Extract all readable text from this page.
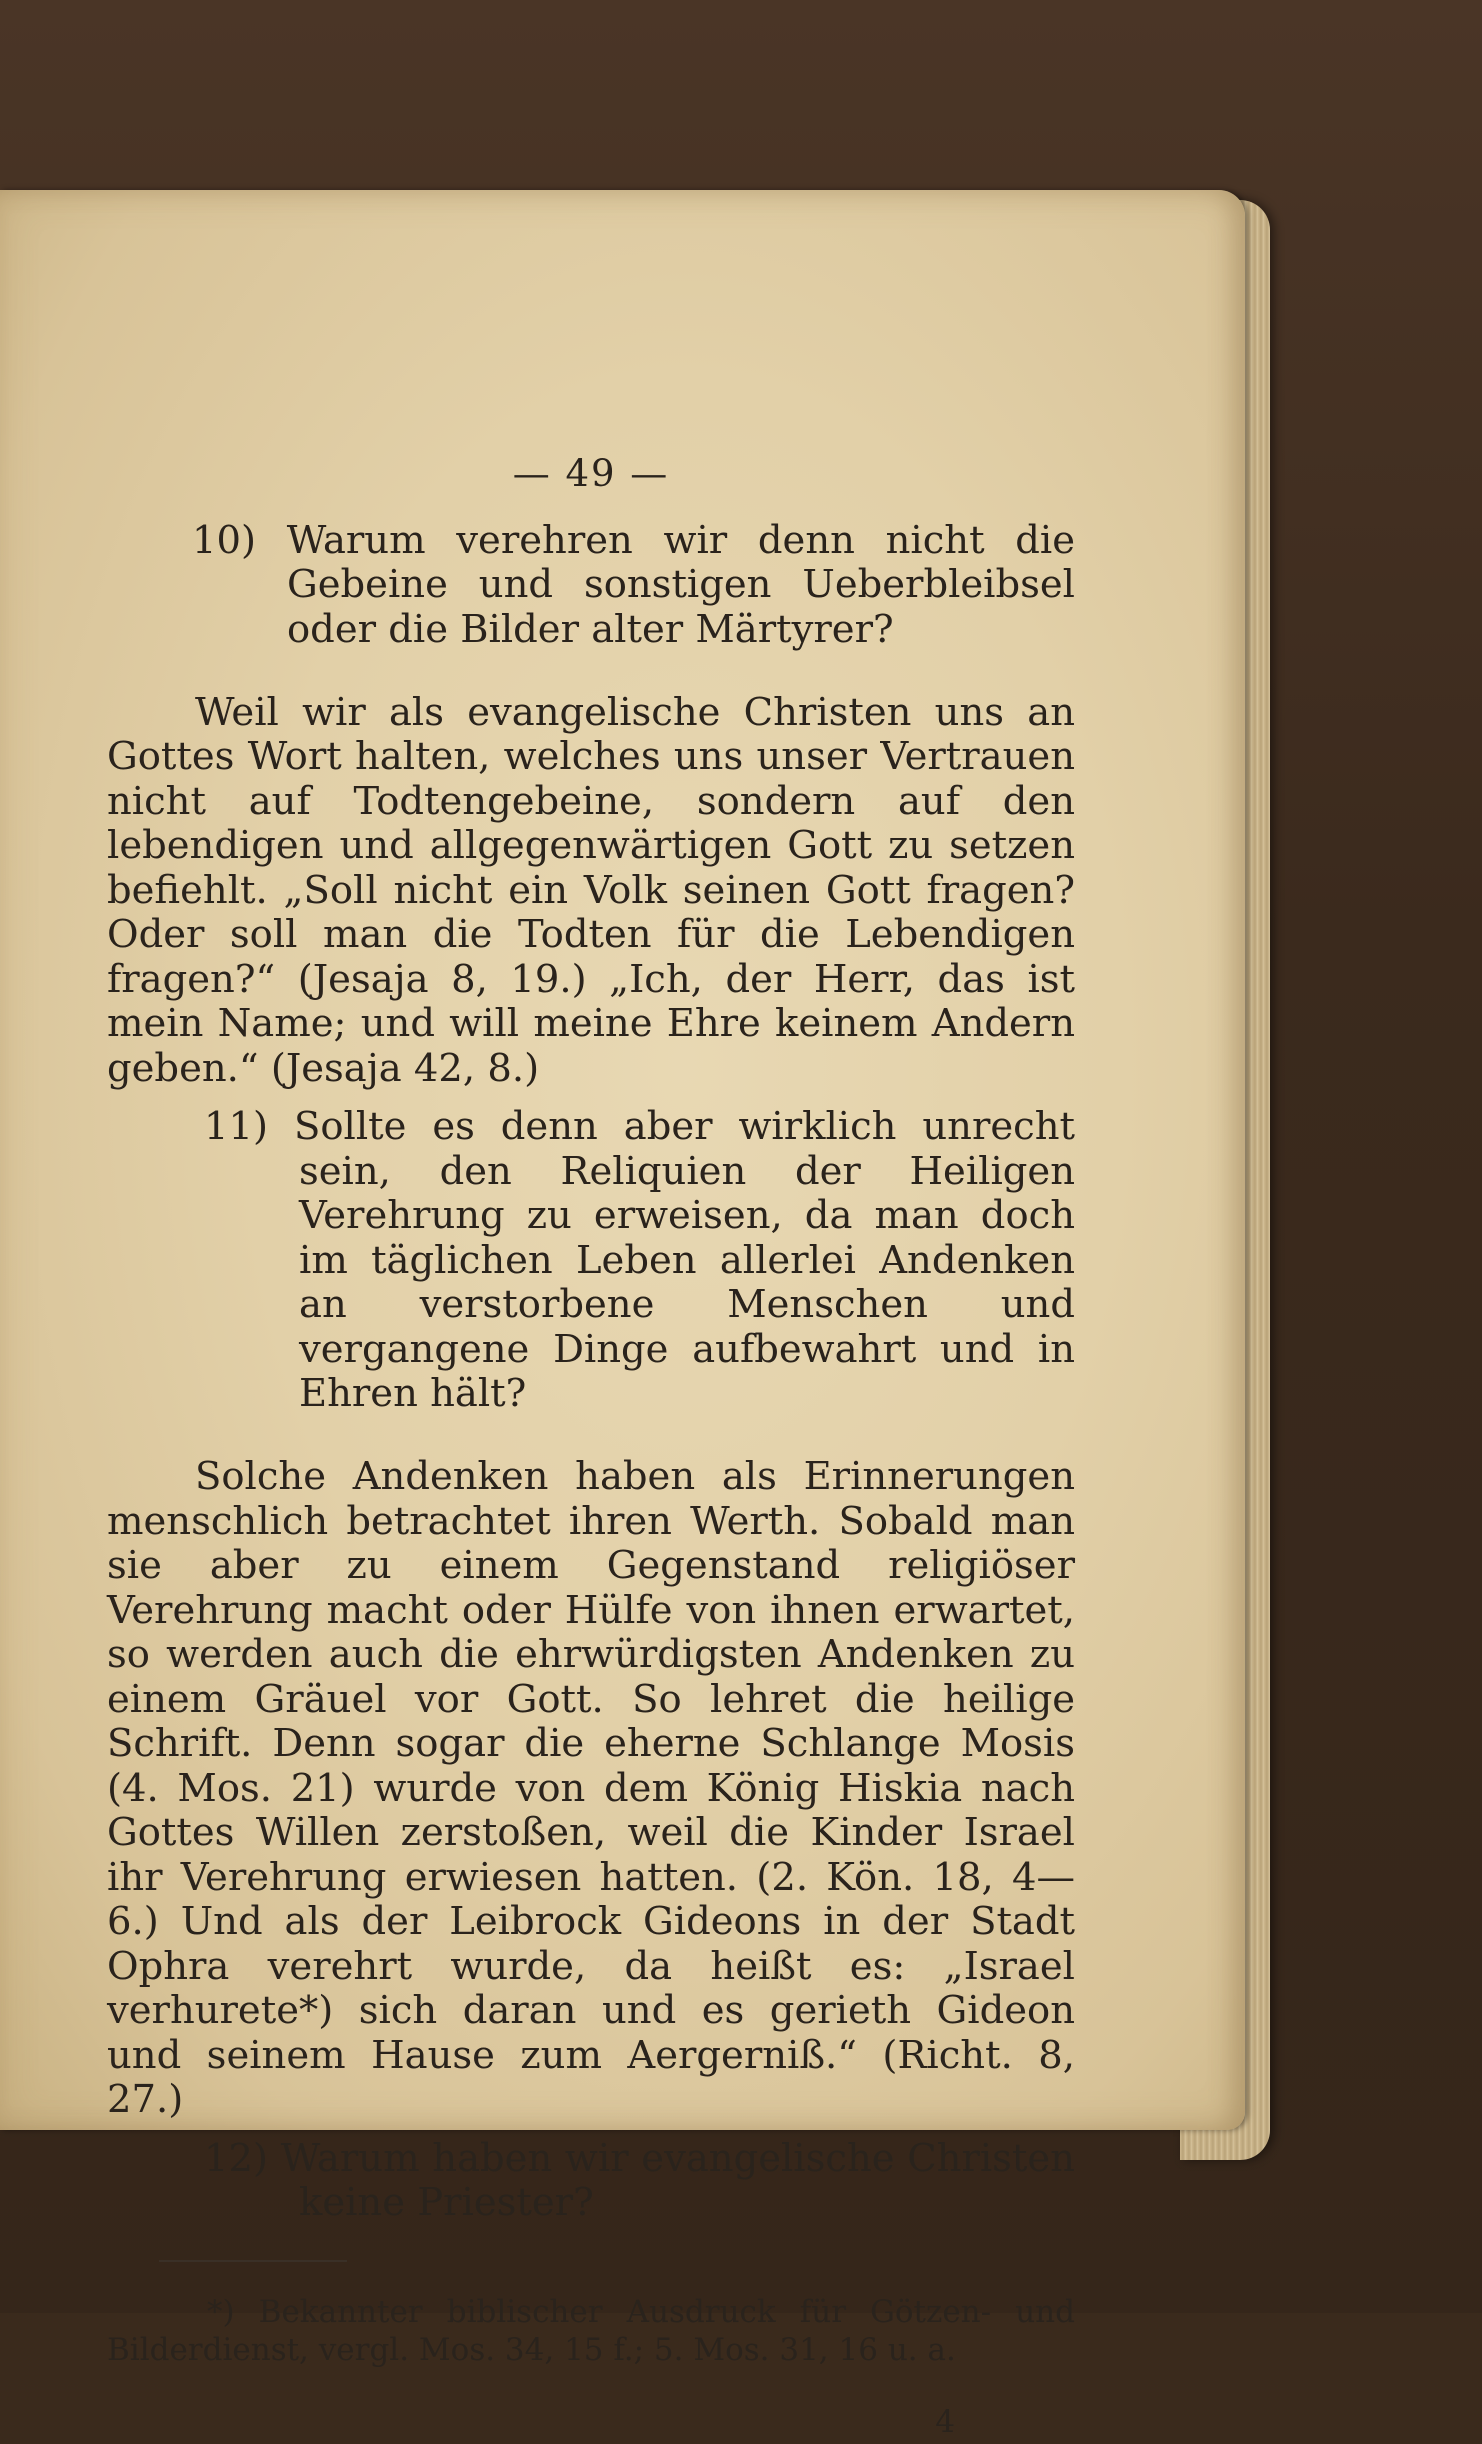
— 49 —

10) Warum verehren wir denn nicht die Gebeine und sonstigen Ueberbleibsel oder die Bilder alter Märtyrer?

Weil wir als evangelische Christen uns an Gottes Wort halten, welches uns unser Vertrauen nicht auf Todtengebeine, sondern auf den lebendigen und allgegenwärtigen Gott zu setzen befiehlt. „Soll nicht ein Volk seinen Gott fragen? Oder soll man die Todten für die Lebendigen fragen?“ (Jesaja 8, 19.) „Ich, der Herr, das ist mein Name; und will meine Ehre keinem Andern geben.“ (Jesaja 42, 8.)

11) Sollte es denn aber wirklich unrecht sein, den Reliquien der Heiligen Verehrung zu erweisen, da man doch im täglichen Leben allerlei Andenken an verstorbene Menschen und vergangene Dinge aufbewahrt und in Ehren hält?

Solche Andenken haben als Erinnerungen menschlich betrachtet ihren Werth. Sobald man sie aber zu einem Gegenstand religiöser Verehrung macht oder Hülfe von ihnen erwartet, so werden auch die ehrwürdigsten Andenken zu einem Gräuel vor Gott. So lehret die heilige Schrift. Denn sogar die eherne Schlange Mosis (4. Mos. 21) wurde von dem König Hiskia nach Gottes Willen zerstoßen, weil die Kinder Israel ihr Verehrung erwiesen hatten. (2. Kön. 18, 4—6.) Und als der Leibrock Gideons in der Stadt Ophra verehrt wurde, da heißt es: „Israel verhurete*) sich daran und es gerieth Gideon und seinem Hause zum Aergerniß.“ (Richt. 8, 27.)

12) Warum haben wir evangelische Christen keine Priester?

*) Bekannter biblischer Ausdruck für Götzen- und Bilderdienst, vergl. Mos. 34, 15 f.; 5. Mos. 31, 16 u. a.

4
